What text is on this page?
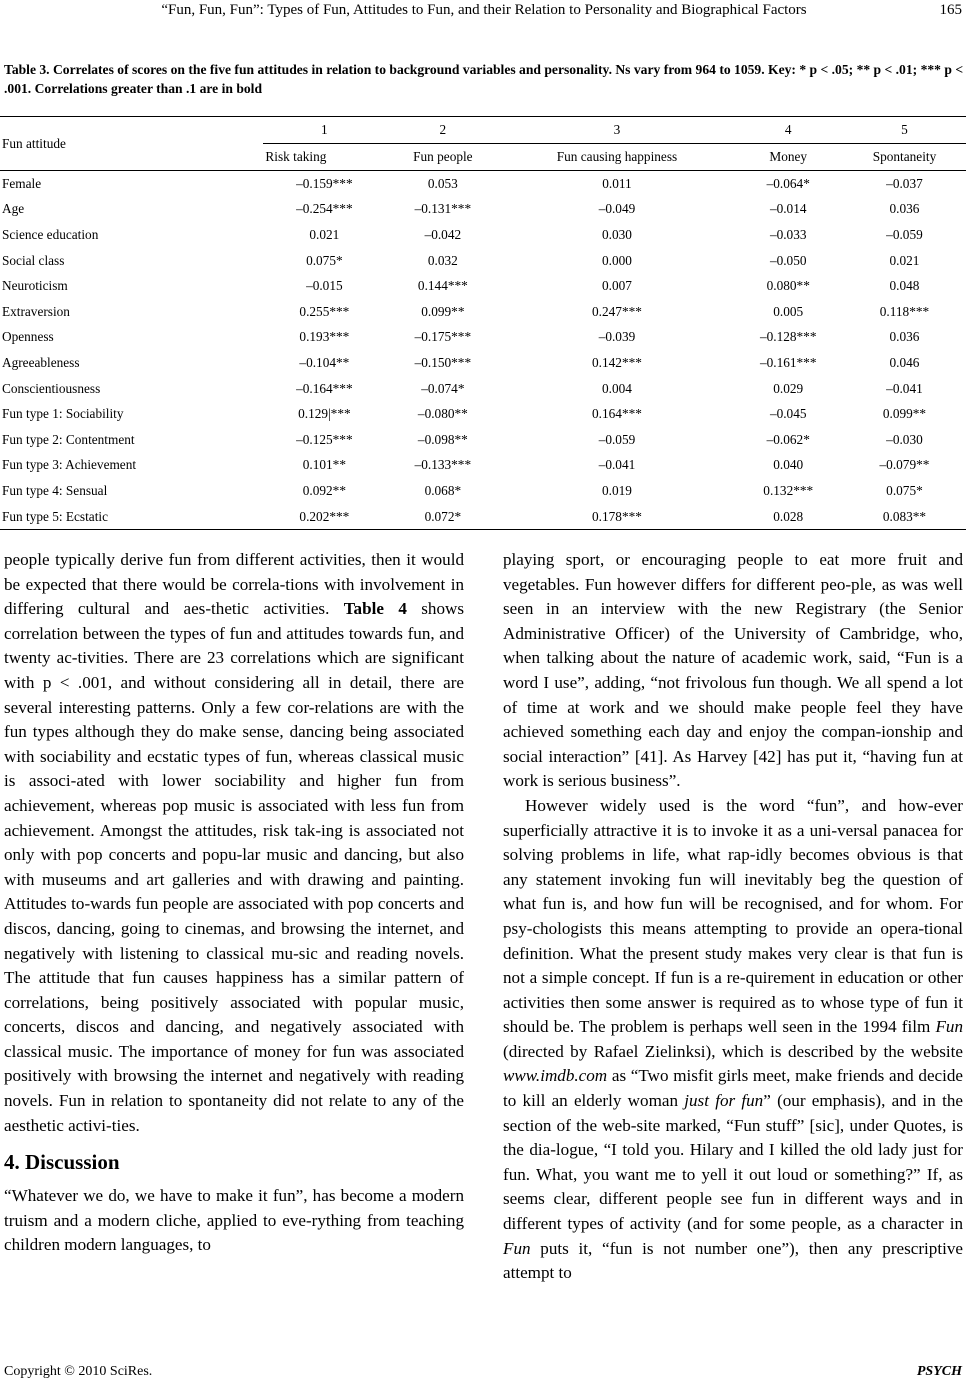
“Fun, Fun, Fun”: Types of Fun, Attitudes to Fun, and their Relation to Personality and Biographical Factors	165
Table 3. Correlates of scores on the five fun attitudes in relation to background variables and personality. Ns vary from 964 to 1059. Key: * p < .05; ** p < .01; *** p < .001. Correlations greater than .1 are in bold
Fun attitude	1	2	3	4	5
	Risk taking	Fun people	Fun causing happiness	Money	Spontaneity
Female	–0.159***	0.053	0.011	–0.064*	–0.037
Age	–0.254***	–0.131***	–0.049	–0.014	0.036
Science education	0.021	–0.042	0.030	–0.033	–0.059
Social class	0.075*	0.032	0.000	–0.050	0.021
Neuroticism	–0.015	0.144***	0.007	0.080**	0.048
Extraversion	0.255***	0.099**	0.247***	0.005	0.118***
Openness	0.193***	–0.175***	–0.039	–0.128***	0.036
Agreeableness	–0.104**	–0.150***	0.142***	–0.161***	0.046
Conscientiousness	–0.164***	–0.074*	0.004	0.029	–0.041
Fun type 1: Sociability	0.129|***	–0.080**	0.164***	–0.045	0.099**
Fun type 2: Contentment	–0.125***	–0.098**	–0.059	–0.062*	–0.030
Fun type 3: Achievement	0.101**	–0.133***	–0.041	0.040	–0.079**
Fun type 4: Sensual	0.092**	0.068*	0.019	0.132***	0.075*
Fun type 5: Ecstatic	0.202***	0.072*	0.178***	0.028	0.083**

people typically derive fun from different activities, then it would be expected that there would be correla-tions with involvement in differing cultural and aes-thetic activities. Table 4 shows correlation between the types of fun and attitudes towards fun, and twenty ac-tivities. There are 23 correlations which are significant with p < .001, and without considering all in detail, there are several interesting patterns. Only a few cor-relations are with the fun types although they do make sense, dancing being associated with sociability and ecstatic types of fun, whereas classical music is associ-ated with lower sociability and higher fun from achievement, whereas pop music is associated with less fun from achievement. Amongst the attitudes, risk tak-ing is associated not only with pop concerts and popu-lar music and dancing, but also with museums and art galleries and with drawing and painting. Attitudes to-wards fun people are associated with pop concerts and discos, dancing, going to cinemas, and browsing the internet, and negatively with listening to classical mu-sic and reading novels. The attitude that fun causes happiness has a similar pattern of correlations, being positively associated with popular music, concerts, discos and dancing, and negatively associated with classical music. The importance of money for fun was associated positively with browsing the internet and negatively with reading novels. Fun in relation to spontaneity did not relate to any of the aesthetic activi-ties.

4. Discussion

“Whatever we do, we have to make it fun”, has become a modern truism and a modern cliche, applied to eve-rything from teaching children modern languages, to

playing sport, or encouraging people to eat more fruit and vegetables. Fun however differs for different peo-ple, as was well seen in an interview with the new Registrary (the Senior Administrative Officer) of the University of Cambridge, who, when talking about the nature of academic work, said, “Fun is a word I use”, adding, “not frivolous fun though. We all spend a lot of time at work and we should make people feel they have achieved something each day and enjoy the compan-ionship and social interaction” [41]. As Harvey [42] has put it, “having fun at work is serious business”.

However widely used is the word “fun”, and how-ever superficially attractive it is to invoke it as a uni-versal panacea for solving problems in life, what rap-idly becomes obvious is that any statement invoking fun will inevitably beg the question of what fun is, and how fun will be recognised, and for whom. For psy-chologists this means attempting to provide an opera-tional definition. What the present study makes very clear is that fun is not a simple concept. If fun is a re-quirement in education or other activities then some answer is required as to whose type of fun it should be. The problem is perhaps well seen in the 1994 film Fun (directed by Rafael Zielinksi), which is described by the website www.imdb.com as “Two misfit girls meet, make friends and decide to kill an elderly woman just for fun” (our emphasis), and in the section of the web-site marked, “Fun stuff” [sic], under Quotes, is the dia-logue, “I told you. Hilary and I killed the old lady just for fun. What, you want me to yell it out loud or something?” If, as seems clear, different people see fun in different ways and in different types of activity (and for some people, as a character in Fun puts it, “fun is not number one”), then any prescriptive attempt to

Copyright © 2010 SciRes.	PSYCH
